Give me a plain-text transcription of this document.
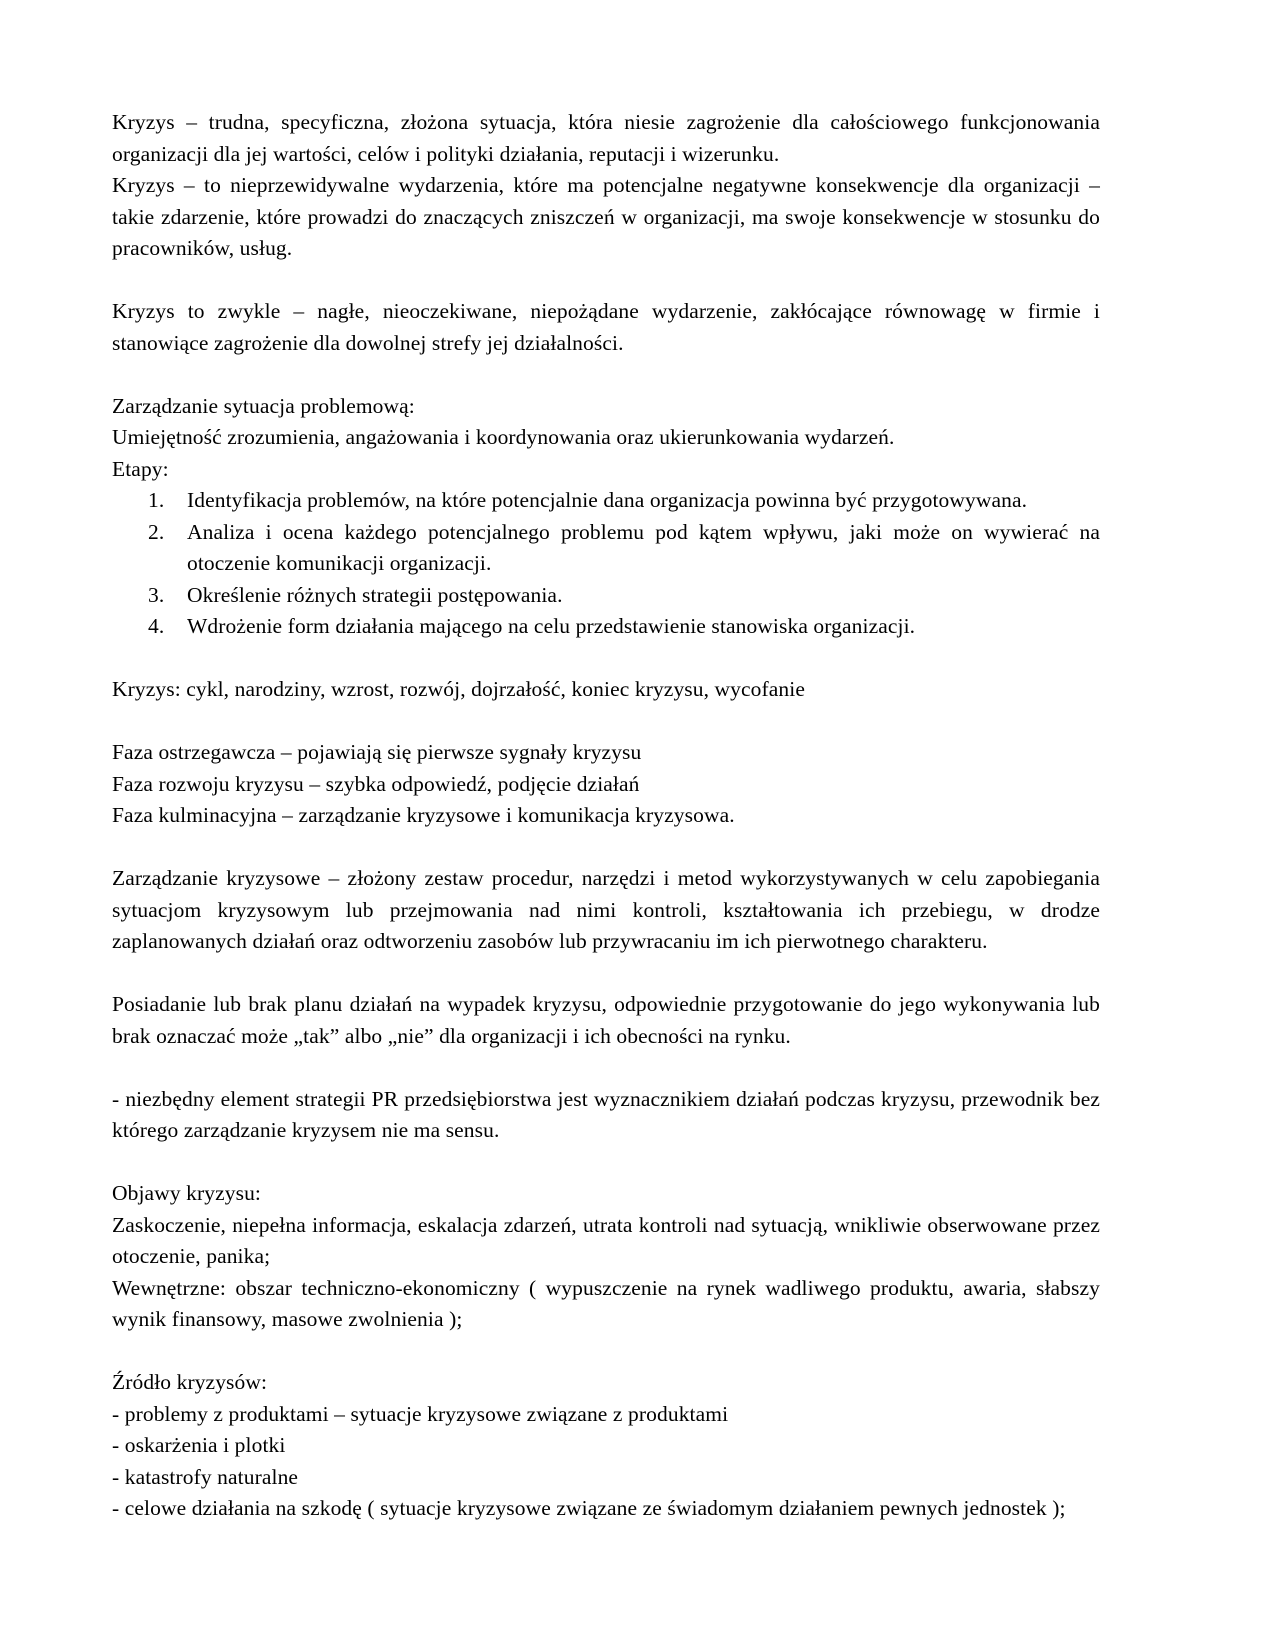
Kryzys – trudna, specyficzna, złożona sytuacja, która niesie zagrożenie dla całościowego funkcjonowania organizacji dla jej wartości, celów i polityki działania, reputacji i wizerunku.

Kryzys – to nieprzewidywalne wydarzenia, które ma potencjalne negatywne konsekwencje dla organizacji – takie zdarzenie, które prowadzi do znaczących zniszczeń w organizacji, ma swoje konsekwencje w stosunku do pracowników, usług.

Kryzys to zwykle – nagłe, nieoczekiwane, niepożądane wydarzenie, zakłócające równowagę w firmie i stanowiące zagrożenie dla dowolnej strefy jej działalności.

Zarządzanie sytuacja problemową:

Umiejętność zrozumienia, angażowania i koordynowania oraz ukierunkowania wydarzeń.

Etapy:

Identyfikacja problemów, na które potencjalnie dana organizacja powinna być przygotowywana.
Analiza i ocena każdego potencjalnego problemu pod kątem wpływu, jaki może on wywierać na otoczenie komunikacji organizacji.
Określenie różnych strategii postępowania.
Wdrożenie form działania mającego na celu przedstawienie stanowiska organizacji.

Kryzys: cykl, narodziny, wzrost, rozwój, dojrzałość, koniec kryzysu, wycofanie

Faza ostrzegawcza – pojawiają się pierwsze sygnały kryzysu

Faza rozwoju kryzysu – szybka odpowiedź, podjęcie działań

Faza kulminacyjna – zarządzanie kryzysowe i komunikacja kryzysowa.

Zarządzanie kryzysowe – złożony zestaw procedur, narzędzi i metod wykorzystywanych w celu zapobiegania sytuacjom kryzysowym lub przejmowania nad nimi kontroli, kształtowania ich przebiegu, w drodze zaplanowanych działań oraz odtworzeniu zasobów lub przywracaniu im ich pierwotnego charakteru.

Posiadanie lub brak planu działań na wypadek kryzysu, odpowiednie przygotowanie do jego wykonywania lub brak oznaczać może „tak” albo „nie” dla organizacji i ich obecności na rynku.

- niezbędny element strategii PR przedsiębiorstwa jest wyznacznikiem działań podczas kryzysu, przewodnik bez którego zarządzanie kryzysem nie ma sensu.

Objawy kryzysu:

Zaskoczenie, niepełna informacja, eskalacja zdarzeń, utrata kontroli nad sytuacją, wnikliwie obserwowane przez otoczenie, panika;

Wewnętrzne: obszar techniczno-ekonomiczny ( wypuszczenie na rynek wadliwego produktu, awaria, słabszy wynik finansowy, masowe zwolnienia );

Źródło kryzysów:

- problemy z produktami – sytuacje kryzysowe związane z produktami

- oskarżenia i plotki

- katastrofy naturalne

- celowe działania na szkodę ( sytuacje kryzysowe związane ze świadomym działaniem pewnych jednostek );
